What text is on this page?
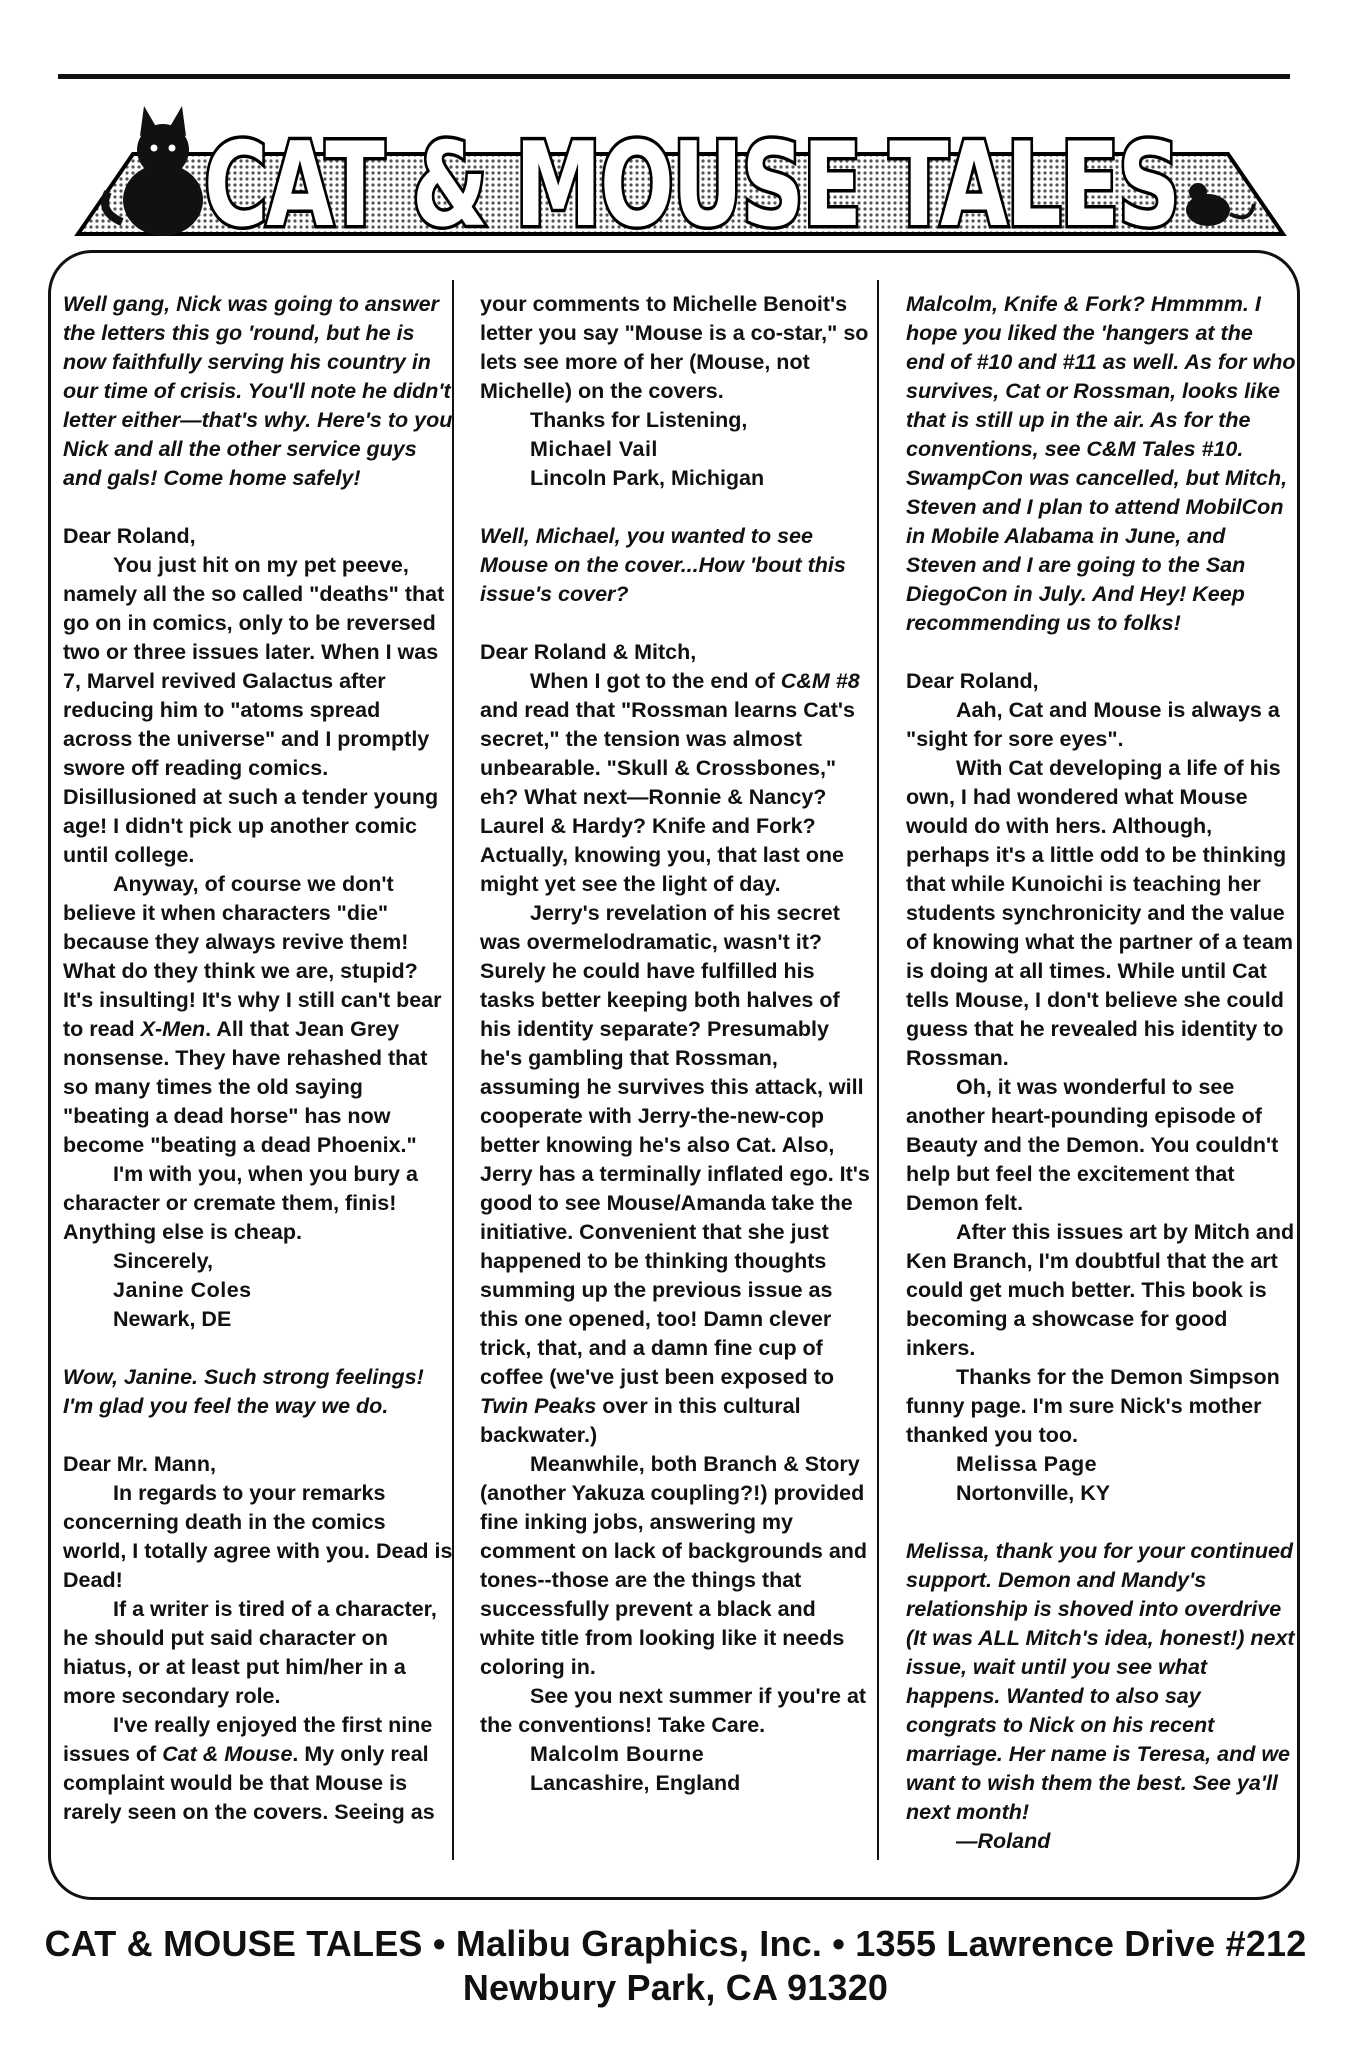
CAT & MOUSE TALES

Well gang, Nick was going to answer the letters this go 'round, but he is now faithfully serving his country in our time of crisis. You'll note he didn't letter either—that's why. Here's to you Nick and all the other service guys and gals! Come home safely!

Dear Roland,

You just hit on my pet peeve, namely all the so called "deaths" that go on in comics, only to be reversed two or three issues later. When I was 7, Marvel revived Galactus after reducing him to "atoms spread across the universe" and I promptly swore off reading comics. Disillusioned at such a tender young age! I didn't pick up another comic until college.

Anyway, of course we don't believe it when characters "die" because they always revive them! What do they think we are, stupid? It's insulting! It's why I still can't bear to read X-Men. All that Jean Grey nonsense. They have rehashed that so many times the old saying "beating a dead horse" has now become "beating a dead Phoenix."

I'm with you, when you bury a character or cremate them, finis! Anything else is cheap.

Sincerely,

Janine Coles

Newark, DE

Wow, Janine. Such strong feelings! I'm glad you feel the way we do.

Dear Mr. Mann,

In regards to your remarks concerning death in the comics world, I totally agree with you. Dead is Dead!

If a writer is tired of a character, he should put said character on hiatus, or at least put him/her in a more secondary role.

I've really enjoyed the first nine issues of Cat & Mouse. My only real complaint would be that Mouse is rarely seen on the covers. Seeing as

your comments to Michelle Benoit's letter you say "Mouse is a co-star," so lets see more of her (Mouse, not Michelle) on the covers.

Thanks for Listening,

Michael Vail

Lincoln Park, Michigan

Well, Michael, you wanted to see Mouse on the cover...How 'bout this issue's cover?

Dear Roland & Mitch,

When I got to the end of C&M #8 and read that "Rossman learns Cat's secret," the tension was almost unbearable. "Skull & Crossbones," eh? What next—Ronnie & Nancy? Laurel & Hardy? Knife and Fork? Actually, knowing you, that last one might yet see the light of day.

Jerry's revelation of his secret was overmelodramatic, wasn't it? Surely he could have fulfilled his tasks better keeping both halves of his identity separate? Presumably he's gambling that Rossman, assuming he survives this attack, will cooperate with Jerry-the-new-cop better knowing he's also Cat. Also, Jerry has a terminally inflated ego. It's good to see Mouse/Amanda take the initiative. Convenient that she just happened to be thinking thoughts summing up the previous issue as this one opened, too! Damn clever trick, that, and a damn fine cup of coffee (we've just been exposed to Twin Peaks over in this cultural backwater.)

Meanwhile, both Branch & Story (another Yakuza coupling?!) provided fine inking jobs, answering my comment on lack of backgrounds and tones--those are the things that successfully prevent a black and white title from looking like it needs coloring in.

See you next summer if you're at the conventions! Take Care.

Malcolm Bourne

Lancashire, England

Malcolm, Knife & Fork? Hmmmm. I hope you liked the 'hangers at the end of #10 and #11 as well. As for who survives, Cat or Rossman, looks like that is still up in the air. As for the conventions, see C&M Tales #10. SwampCon was cancelled, but Mitch, Steven and I plan to attend MobilCon in Mobile Alabama in June, and Steven and I are going to the San DiegoCon in July. And Hey! Keep recommending us to folks!

Dear Roland,

Aah, Cat and Mouse is always a "sight for sore eyes".

With Cat developing a life of his own, I had wondered what Mouse would do with hers. Although, perhaps it's a little odd to be thinking that while Kunoichi is teaching her students synchronicity and the value of knowing what the partner of a team is doing at all times. While until Cat tells Mouse, I don't believe she could guess that he revealed his identity to Rossman.

Oh, it was wonderful to see another heart-pounding episode of Beauty and the Demon. You couldn't help but feel the excitement that Demon felt.

After this issues art by Mitch and Ken Branch, I'm doubtful that the art could get much better. This book is becoming a showcase for good inkers.

Thanks for the Demon Simpson funny page. I'm sure Nick's mother thanked you too.

Melissa Page

Nortonville, KY

Melissa, thank you for your continued support. Demon and Mandy's relationship is shoved into overdrive (It was ALL Mitch's idea, honest!) next issue, wait until you see what happens. Wanted to also say congrats to Nick on his recent marriage. Her name is Teresa, and we want to wish them the best. See ya'll next month!

—Roland

CAT & MOUSE TALES • Malibu Graphics, Inc. • 1355 Lawrence Drive #212
Newbury Park, CA 91320
